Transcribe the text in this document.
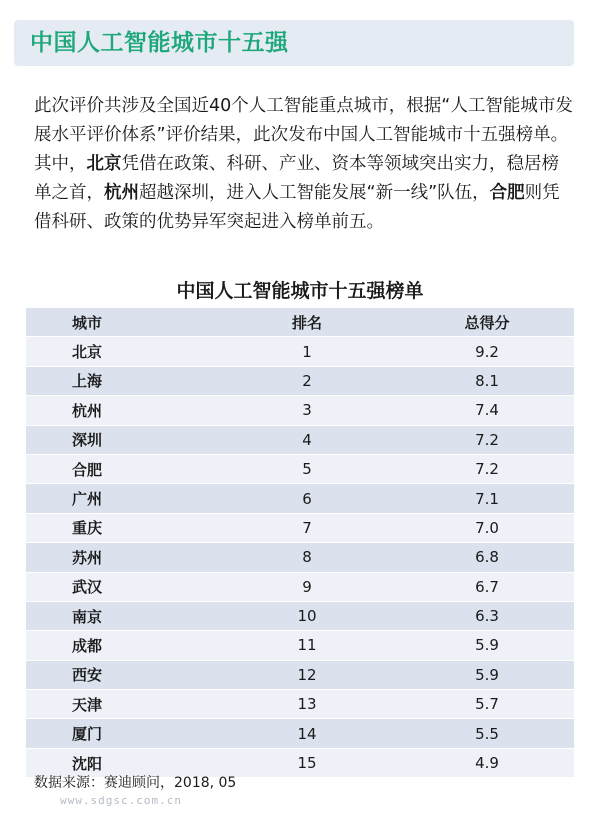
中国人工智能城市十五强

此次评价共涉及全国近40个人工智能重点城市，根据“人工智能城市发展水平评价体系”评价结果，此次发布中国人工智能城市十五强榜单。

其中，北京凭借在政策、科研、产业、资本等领域突出实力，稳居榜单之首，杭州超越深圳，进入人工智能发展“新一线”队伍，合肥则凭借科研、政策的优势异军突起进入榜单前五。

中国人工智能城市十五强榜单
城市	排名	总得分
北京	1	9.2
上海	2	8.1
杭州	3	7.4
深圳	4	7.2
合肥	5	7.2
广州	6	7.1
重庆	7	7.0
苏州	8	6.8
武汉	9	6.7
南京	10	6.3
成都	11	5.9
西安	12	5.9
天津	13	5.7
厦门	14	5.5
沈阳	15	4.9
数据来源：赛迪顾问，2018, 05
www.sdgsc.com.cn
